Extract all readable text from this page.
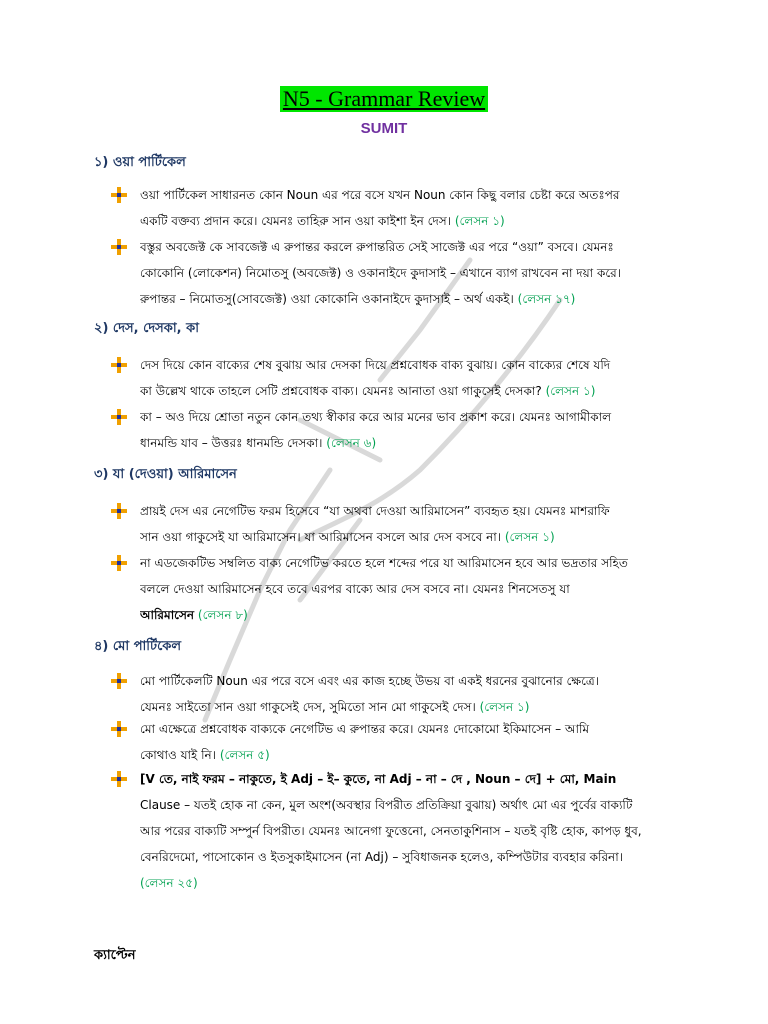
N5 - Grammar Review
SUMIT
১) ওয়া পার্টিকেল
ওয়া পার্টিকেল সাধারনত কোন Noun এর পরে বসে যখন Noun কোন কিছু বলার চেষ্টা করে অতঃপর
একটি বক্তব্য প্রদান করে। যেমনঃ তাহিরু সান ওয়া কাইশা ইন দেস। (লেসন ১)
বস্তুর অবজেক্ট কে সাবজেক্ট এ রুপান্তর করলে রুপান্তরিত সেই সাজেক্ট এর পরে “ওয়া” বসবে। যেমনঃ
কোকোনি (লোকেশন) নিমোতসু (অবজেক্ট) ও ওকানাইদে কুদাসাই – এখানে ব্যাগ রাখবেন না দয়া করে।
রুপান্তর – নিমোতসু(সোবজেক্ট) ওয়া কোকোনি ওকানাইদে কুদাসাই – অর্থ একই। (লেসন ১৭)
২) দেস, দেসকা, কা
দেস দিয়ে কোন বাক্যের শেষ বুঝায় আর দেসকা দিয়ে প্রশ্নবোধক বাক্য বুঝায়। কোন বাক্যের শেষে যদি
কা উল্লেখ থাকে তাহলে সেটি প্রশ্নবোধক বাক্য। যেমনঃ আনাতা ওয়া গাকুসেই দেসকা? (লেসন ১)
কা – অও দিয়ে শ্রোতা নতুন কোন তথ্য স্বীকার করে আর মনের ভাব প্রকাশ করে। যেমনঃ আগামীকাল
ধানমন্ডি যাব – উত্তরঃ ধানমন্ডি দেসকা। (লেসন ৬)
৩) যা (দেওয়া) আরিমাসেন
প্রায়ই দেস এর নেগেটিভ ফরম হিসেবে “যা অথবা দেওয়া আরিমাসেন” ব্যবহৃত হয়। যেমনঃ মাশরাফি
সান ওয়া গাকুসেই যা আরিমাসেন। যা আরিমাসেন বসলে আর দেস বসবে না। (লেসন ১)
না এডজেকটিভ সম্বলিত বাক্য নেগেটিভ করতে হলে শব্দের পরে যা আরিমাসেন হবে আর ভদ্রতার সহিত
বললে দেওয়া আরিমাসেন হবে তবে এরপর বাক্যে আর দেস বসবে না। যেমনঃ শিনসেতসু যা
আরিমাসেন (লেসন ৮)
৪) মো পার্টিকেল
মো পার্টিকেলটি Noun এর পরে বসে এবং এর কাজ হচ্ছে উভয় বা একই ধরনের বুঝানোর ক্ষেত্রে।
যেমনঃ সাইতো সান ওয়া গাকুসেই দেস, সুমিতো সান মো গাকুসেই দেস। (লেসন ১)
মো এক্ষেত্রে প্রশ্নবোধক বাক্যকে নেগেটিভ এ রুপান্তর করে। যেমনঃ দোকোমো ইকিমাসেন – আমি
কোথাও যাই নি। (লেসন ৫)
[V তে, নাই ফরম – নাকুতে, ই Adj – ই– কুতে, না Adj – না – দে , Noun – দে] + মো, Main
Clause – যতই হোক না কেন, মুল অংশ(অবস্থার বিপরীত প্রতিক্রিয়া বুঝায়) অর্থাৎ মো এর পুর্বের বাক্যটি
আর পরের বাক্যটি সম্পুর্ন বিপরীত। যেমনঃ আনেগা ফুত্তেনো, সেনতাকুশিনাস – যতই বৃষ্টি হোক, কাপড় ধুব,
বেনরিদেমো, পাসোকোন ও ইতসুকাইমাসেন (না Adj) – সুবিধাজনক হলেও, কম্পিউটার ব্যবহার করিনা।
(লেসন ২৫)
ক্যাপ্টেন
